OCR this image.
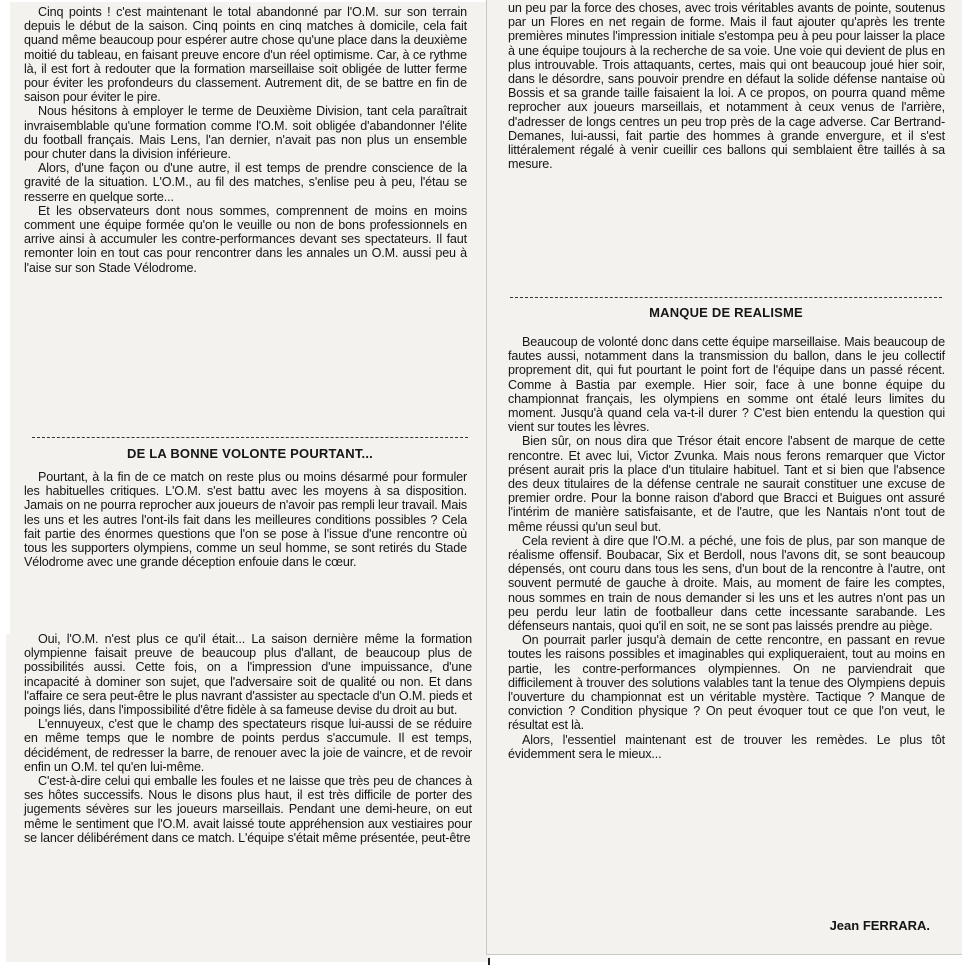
Cinq points ! c'est maintenant le total abandonné par l'O.M. sur son terrain depuis le début de la saison. Cinq points en cinq matches à domicile, cela fait quand même beaucoup pour espérer autre chose qu'une place dans la deuxième moitié du tableau, en faisant preuve encore d'un réel optimisme. Car, à ce rythme là, il est fort à redouter que la formation marseillaise soit obligée de lutter ferme pour éviter les profondeurs du classement. Autrement dit, de se battre en fin de saison pour éviter le pire.

Nous hésitons à employer le terme de Deuxième Division, tant cela paraîtrait invraisemblable qu'une formation comme l'O.M. soit obligée d'abandonner l'élite du football français. Mais Lens, l'an dernier, n'avait pas non plus un ensemble pour chuter dans la division inférieure.

Alors, d'une façon ou d'une autre, il est temps de prendre conscience de la gravité de la situation. L'O.M., au fil des matches, s'enlise peu à peu, l'étau se resserre en quelque sorte...

Et les observateurs dont nous sommes, comprennent de moins en moins comment une équipe formée qu'on le veuille ou non de bons professionnels en arrive ainsi à accumuler les contre-performances devant ses spectateurs. Il faut remonter loin en tout cas pour rencontrer dans les annales un O.M. aussi peu à l'aise sur son Stade Vélodrome.

DE LA BONNE VOLONTE POURTANT...

Pourtant, à la fin de ce match on reste plus ou moins désarmé pour formuler les habituelles critiques. L'O.M. s'est battu avec les moyens à sa disposition. Jamais on ne pourra reprocher aux joueurs de n'avoir pas rempli leur travail. Mais les uns et les autres l'ont-ils fait dans les meilleures conditions possibles ? Cela fait partie des énormes questions que l'on se pose à l'issue d'une rencontre où tous les supporters olympiens, comme un seul homme, se sont retirés du Stade Vélodrome avec une grande déception enfouie dans le cœur.

Oui, l'O.M. n'est plus ce qu'il était... La saison dernière même la formation olympienne faisait preuve de beaucoup plus d'allant, de beaucoup plus de possibilités aussi. Cette fois, on a l'impression d'une impuissance, d'une incapacité à dominer son sujet, que l'adversaire soit de qualité ou non. Et dans l'affaire ce sera peut-être le plus navrant d'assister au spectacle d'un O.M. pieds et poings liés, dans l'impossibilité d'être fidèle à sa fameuse devise du droit au but.

L'ennuyeux, c'est que le champ des spectateurs risque lui-aussi de se réduire en même temps que le nombre de points perdus s'accumule. Il est temps, décidément, de redresser la barre, de renouer avec la joie de vaincre, et de revoir enfin un O.M. tel qu'en lui-même.

C'est-à-dire celui qui emballe les foules et ne laisse que très peu de chances à ses hôtes successifs. Nous le disons plus haut, il est très difficile de porter des jugements sévères sur les joueurs marseillais. Pendant une demi-heure, on eut même le sentiment que l'O.M. avait laissé toute appréhension aux vestiaires pour se lancer délibérément dans ce match. L'équipe s'était même présentée, peut-être

un peu par la force des choses, avec trois véritables avants de pointe, soutenus par un Flores en net regain de forme. Mais il faut ajouter qu'après les trente premières minutes l'impression initiale s'estompa peu à peu pour laisser la place à une équipe toujours à la recherche de sa voie. Une voie qui devient de plus en plus introuvable. Trois attaquants, certes, mais qui ont beaucoup joué hier soir, dans le désordre, sans pouvoir prendre en défaut la solide défense nantaise où Bossis et sa grande taille faisaient la loi. A ce propos, on pourra quand même reprocher aux joueurs marseillais, et notamment à ceux venus de l'arrière, d'adresser de longs centres un peu trop près de la cage adverse. Car Bertrand-Demanes, lui-aussi, fait partie des hommes à grande envergure, et il s'est littéralement régalé à venir cueillir ces ballons qui semblaient être taillés à sa mesure.

MANQUE DE REALISME

Beaucoup de volonté donc dans cette équipe marseillaise. Mais beaucoup de fautes aussi, notamment dans la transmission du ballon, dans le jeu collectif proprement dit, qui fut pourtant le point fort de l'équipe dans un passé récent. Comme à Bastia par exemple. Hier soir, face à une bonne équipe du championnat français, les olympiens en somme ont étalé leurs limites du moment. Jusqu'à quand cela va-t-il durer ? C'est bien entendu la question qui vient sur toutes les lèvres.

Bien sûr, on nous dira que Trésor était encore l'absent de marque de cette rencontre. Et avec lui, Victor Zvunka. Mais nous ferons remarquer que Victor présent aurait pris la place d'un titulaire habituel. Tant et si bien que l'absence des deux titulaires de la défense centrale ne saurait constituer une excuse de premier ordre. Pour la bonne raison d'abord que Bracci et Buigues ont assuré l'intérim de manière satisfaisante, et de l'autre, que les Nantais n'ont tout de même réussi qu'un seul but.

Cela revient à dire que l'O.M. a péché, une fois de plus, par son manque de réalisme offensif. Boubacar, Six et Berdoll, nous l'avons dit, se sont beaucoup dépensés, ont couru dans tous les sens, d'un bout de la rencontre à l'autre, ont souvent permuté de gauche à droite. Mais, au moment de faire les comptes, nous sommes en train de nous demander si les uns et les autres n'ont pas un peu perdu leur latin de footballeur dans cette incessante sarabande. Les défenseurs nantais, quoi qu'il en soit, ne se sont pas laissés prendre au piège.

On pourrait parler jusqu'à demain de cette rencontre, en passant en revue toutes les raisons possibles et imaginables qui expliqueraient, tout au moins en partie, les contre-performances olympiennes. On ne parviendrait que difficilement à trouver des solutions valables tant la tenue des Olympiens depuis l'ouverture du championnat est un véritable mystère. Tactique ? Manque de conviction ? Condition physique ? On peut évoquer tout ce que l'on veut, le résultat est là.

Alors, l'essentiel maintenant est de trouver les remèdes. Le plus tôt évidemment sera le mieux...

Jean FERRARA.
